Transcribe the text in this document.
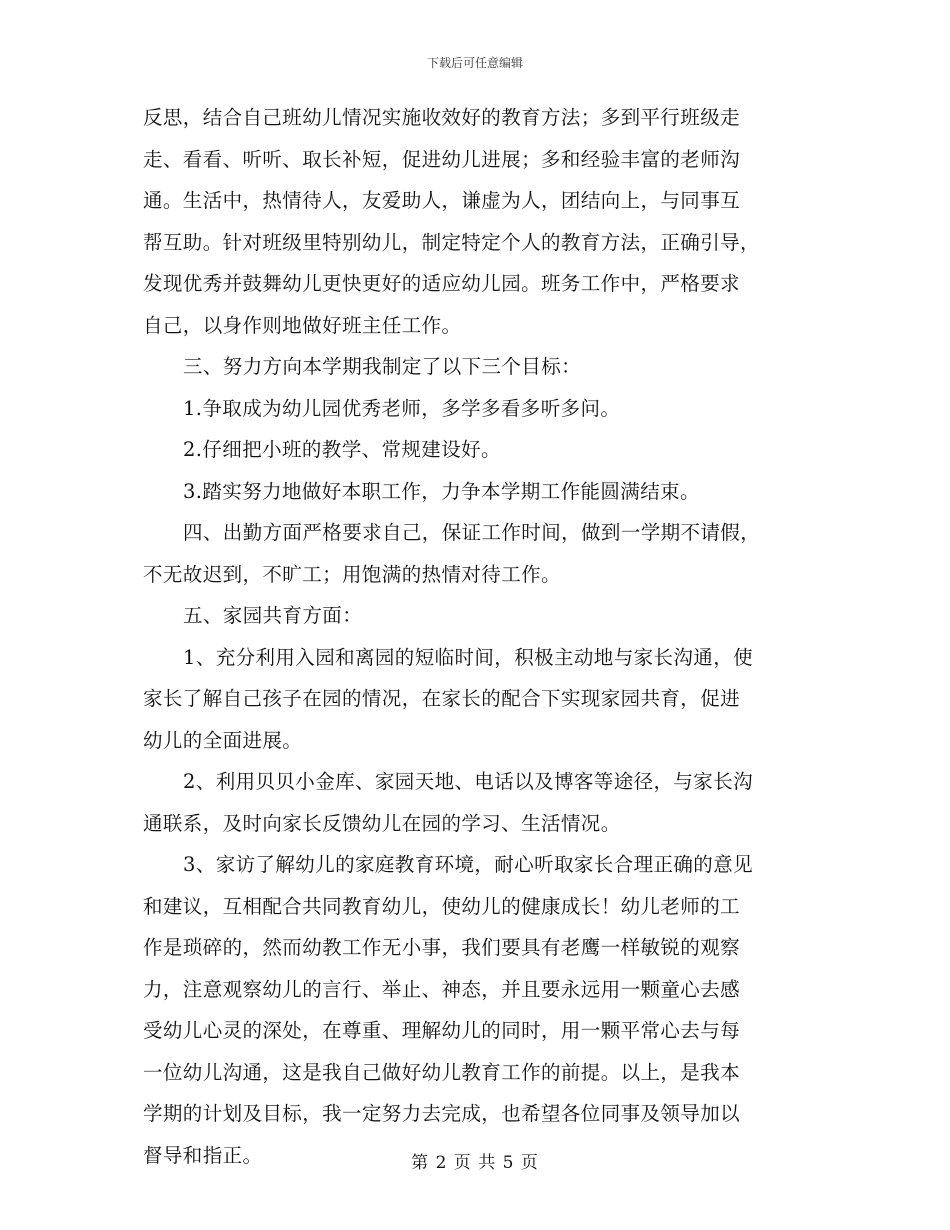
下载后可任意编辑
反思，结合自己班幼儿情况实施收效好的教育方法；多到平行班级走
走、看看、听听、取长补短，促进幼儿进展；多和经验丰富的老师沟
通。生活中，热情待人，友爱助人，谦虚为人，团结向上，与同事互
帮互助。针对班级里特别幼儿，制定特定个人的教育方法，正确引导，
发现优秀并鼓舞幼儿更快更好的适应幼儿园。班务工作中，严格要求
自己，以身作则地做好班主任工作。
三、努力方向本学期我制定了以下三个目标：
1.争取成为幼儿园优秀老师，多学多看多听多问。
2.仔细把小班的教学、常规建设好。
3.踏实努力地做好本职工作，力争本学期工作能圆满结束。
四、出勤方面严格要求自己，保证工作时间，做到一学期不请假，
不无故迟到，不旷工；用饱满的热情对待工作。
五、家园共育方面：
1、充分利用入园和离园的短临时间，积极主动地与家长沟通，使
家长了解自己孩子在园的情况，在家长的配合下实现家园共育，促进
幼儿的全面进展。
2、利用贝贝小金库、家园天地、电话以及博客等途径，与家长沟
通联系，及时向家长反馈幼儿在园的学习、生活情况。
3、家访了解幼儿的家庭教育环境，耐心听取家长合理正确的意见
和建议，互相配合共同教育幼儿，使幼儿的健康成长！幼儿老师的工
作是琐碎的，然而幼教工作无小事，我们要具有老鹰一样敏锐的观察
力，注意观察幼儿的言行、举止、神态，并且要永远用一颗童心去感
受幼儿心灵的深处，在尊重、理解幼儿的同时，用一颗平常心去与每
一位幼儿沟通，这是我自己做好幼儿教育工作的前提。以上，是我本
学期的计划及目标，我一定努力去完成，也希望各位同事及领导加以
督导和指正。	第 2 页 共 5 页
